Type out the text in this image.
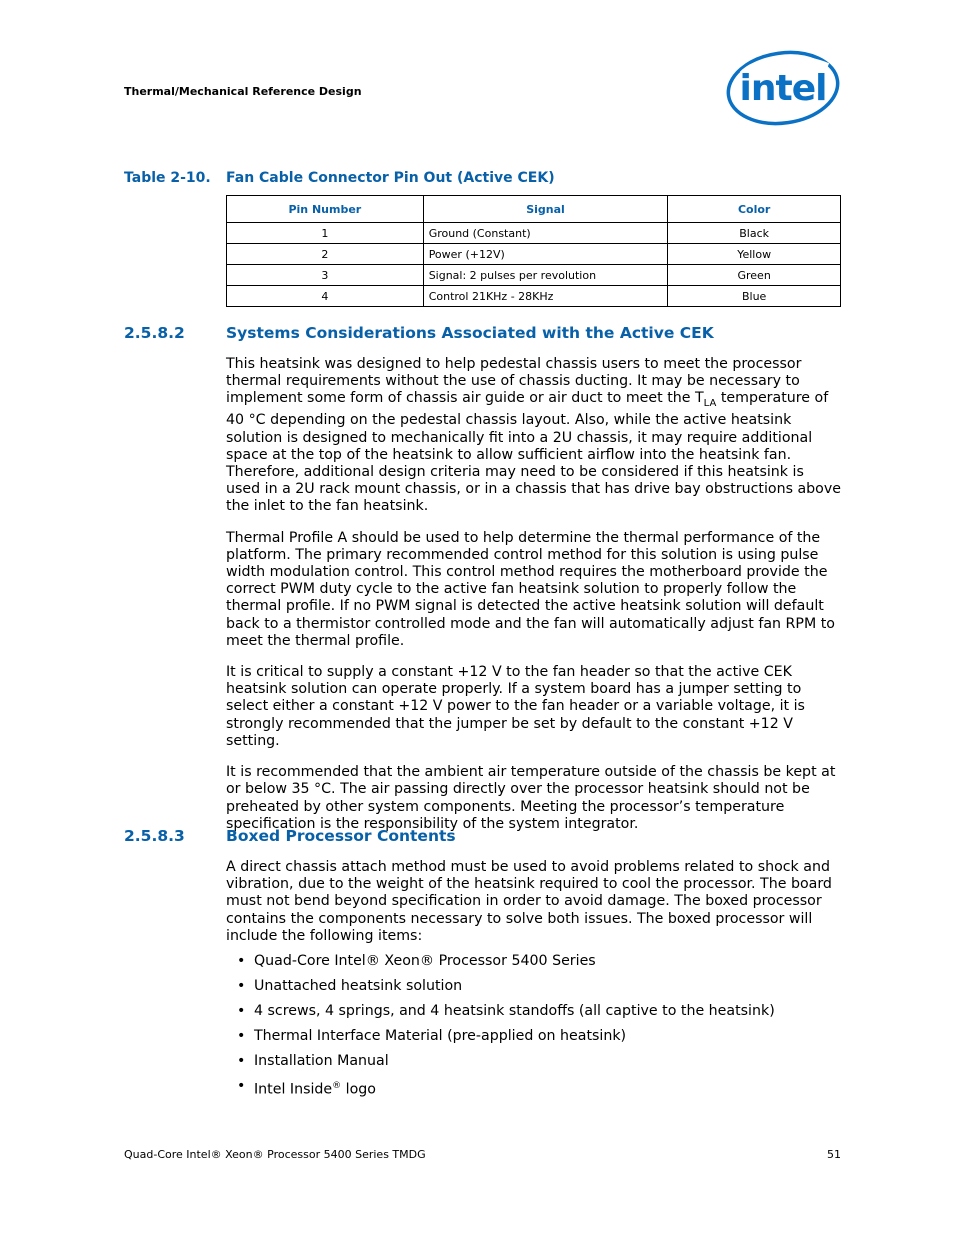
Thermal/Mechanical Reference Design	intel
Table 2-10. Fan Cable Connector Pin Out (Active CEK)
Pin Number	Signal	Color
1	Ground (Constant)	Black
2	Power (+12V)	Yellow
3	Signal: 2 pulses per revolution	Green
4	Control 21KHz - 28KHz	Blue
2.5.8.2	Systems Considerations Associated with the Active CEK

This heatsink was designed to help pedestal chassis users to meet the processor thermal requirements without the use of chassis ducting. It may be necessary to implement some form of chassis air guide or air duct to meet the $T_{LA}$ temperature of 40 °C depending on the pedestal chassis layout. Also, while the active heatsink solution is designed to mechanically fit into a 2U chassis, it may require additional space at the top of the heatsink to allow sufficient airflow into the heatsink fan. Therefore, additional design criteria may need to be considered if this heatsink is used in a 2U rack mount chassis, or in a chassis that has drive bay obstructions above the inlet to the fan heatsink.

Thermal Profile A should be used to help determine the thermal performance of the platform. The primary recommended control method for this solution is using pulse width modulation control. This control method requires the motherboard provide the correct PWM duty cycle to the active fan heatsink solution to properly follow the thermal profile. If no PWM signal is detected the active heatsink solution will default back to a thermistor controlled mode and the fan will automatically adjust fan RPM to meet the thermal profile.

It is critical to supply a constant +12 V to the fan header so that the active CEK heatsink solution can operate properly. If a system board has a jumper setting to select either a constant +12 V power to the fan header or a variable voltage, it is strongly recommended that the jumper be set by default to the constant +12 V setting.

It is recommended that the ambient air temperature outside of the chassis be kept at or below 35 °C. The air passing directly over the processor heatsink should not be preheated by other system components. Meeting the processor’s temperature specification is the responsibility of the system integrator.

2.5.8.3	Boxed Processor Contents

A direct chassis attach method must be used to avoid problems related to shock and vibration, due to the weight of the heatsink required to cool the processor. The board must not bend beyond specification in order to avoid damage. The boxed processor contains the components necessary to solve both issues. The boxed processor will include the following items:

• Quad-Core Intel® Xeon® Processor 5400 Series
• Unattached heatsink solution
• 4 screws, 4 springs, and 4 heatsink standoffs (all captive to the heatsink)
• Thermal Interface Material (pre-applied on heatsink)
• Installation Manual
• Intel Inside® logo
Quad-Core Intel® Xeon® Processor 5400 Series TMDG	51
